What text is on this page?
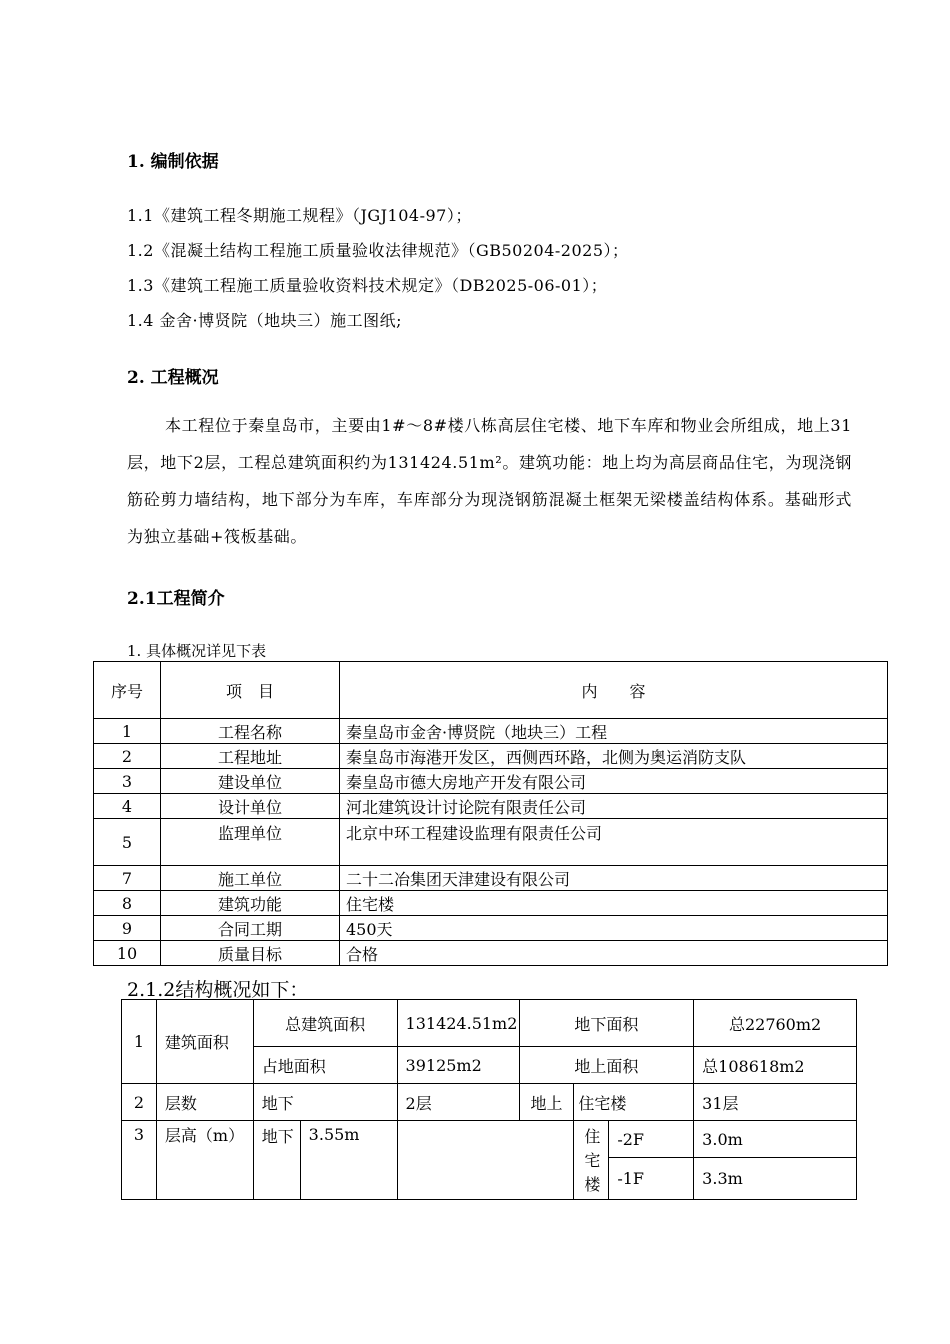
1. 编制依据
1.1《建筑工程冬期施工规程》（JGJ104-97）；
1.2《混凝土结构工程施工质量验收法律规范》（GB50204-2025）；
1.3《建筑工程施工质量验收资料技术规定》（DB2025-06-01）；
1.4 金舍·博贤院（地块三）施工图纸;
2. 工程概况
本工程位于秦皇岛市，主要由1#～8#楼八栋高层住宅楼、地下车库和物业会所组成，地上31层，地下2层，工程总建筑面积约为131424.51m²。建筑功能：地上均为高层商品住宅，为现浇钢筋砼剪力墙结构，地下部分为车库，车库部分为现浇钢筋混凝土框架无梁楼盖结构体系。基础形式为独立基础+筏板基础。
2.1工程简介
1. 具体概况详见下表
序号	项　目	内　　容
1	工程名称	秦皇岛市金舍·博贤院（地块三）工程
2	工程地址	秦皇岛市海港开发区，西侧西环路，北侧为奥运消防支队
3	建设单位	秦皇岛市德大房地产开发有限公司
4	设计单位	河北建筑设计讨论院有限责任公司
5	监理单位	北京中环工程建设监理有限责任公司
7	施工单位	二十二冶集团天津建设有限公司
8	建筑功能	住宅楼
9	合同工期	450天
10	质量目标	合格
2.1.2结构概况如下：
1	建筑面积	总建筑面积		131424.51m2	地下面积			总22760m2
		占地面积		39125m2	地上面积			总108618m2
2	层数	地下		2层	地上	住宅楼		31层
3	层高（m）	地下	3.55m			住宅楼	-2F	3.0m
							-1F	3.3m
